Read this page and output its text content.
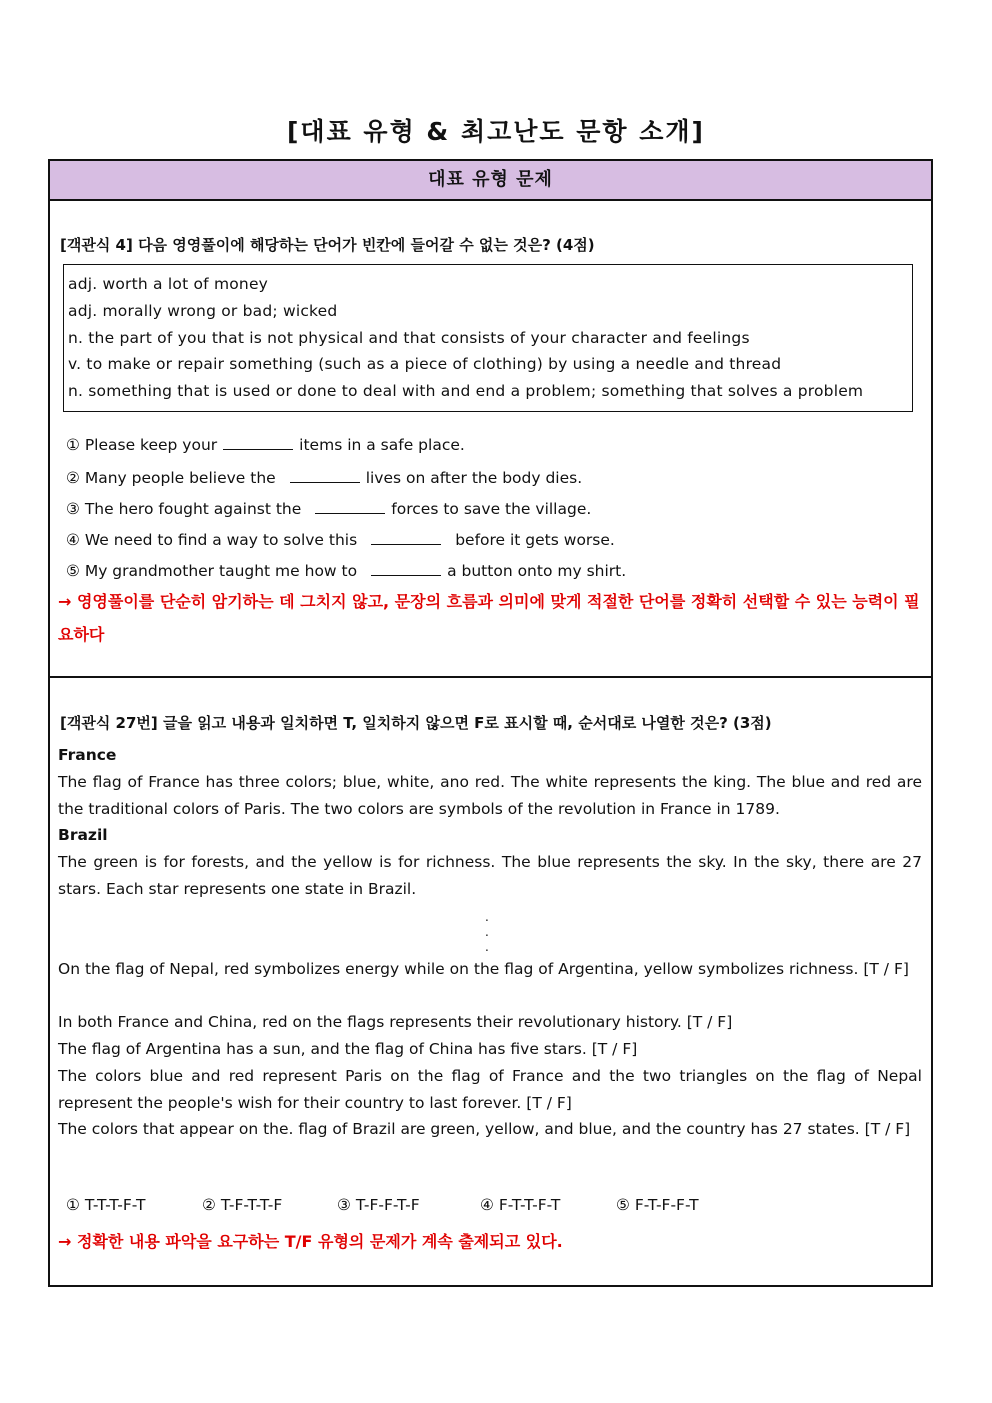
[대표 유형 & 최고난도 문항 소개]
대표 유형 문제
[객관식 4] 다음 영영풀이에 해당하는 단어가 빈칸에 들어갈 수 없는 것은? (4점)
adj. worth a lot of money
adj. morally wrong or bad; wicked
n. the part of you that is not physical and that consists of your character and feelings
v. to make or repair something (such as a piece of clothing) by using a needle and thread
n. something that is used or done to deal with and end a problem; something that solves a problem
① Please keep your	items in a safe place.
② Many people believe the	lives on after the body dies.
③ The hero fought against the	forces to save the village.
④ We need to find a way to solve this	before it gets worse.
⑤ My grandmother taught me how to	a button onto my shirt.
→ 영영풀이를 단순히 암기하는 데 그치지 않고, 문장의 흐름과 의미에 맞게 적절한 단어를 정확히 선택할 수 있는 능력이 필요하다
[객관식 27번] 글을 읽고 내용과 일치하면 T, 일치하지 않으면 F로 표시할 때, 순서대로 나열한 것은? (3점)
France
The flag of France has three colors; blue, white, ano red. The white represents the king. The blue and red are the traditional colors of Paris. The two colors are symbols of the revolution in France in 1789.
Brazil
The green is for forests, and the yellow is for richness. The blue represents the sky. In the sky, there are 27 stars. Each star represents one state in Brazil.
.
.
.
On the flag of Nepal, red symbolizes energy while on the flag of Argentina, yellow symbolizes richness. [T / F]
In both France and China, red on the flags represents their revolutionary history. [T / F]
The flag of Argentina has a sun, and the flag of China has five stars. [T / F]
The colors blue and red represent Paris on the flag of France and the two triangles on the flag of Nepal represent the people's wish for their country to last forever. [T / F]
The colors that appear on the. flag of Brazil are green, yellow, and blue, and the country has 27 states. [T / F]
① T-T-T-F-T	② T-F-T-T-F	③ T-F-F-T-F	④ F-T-T-F-T	⑤ F-T-F-F-T
→ 정확한 내용 파악을 요구하는 T/F 유형의 문제가 계속 출제되고 있다.
